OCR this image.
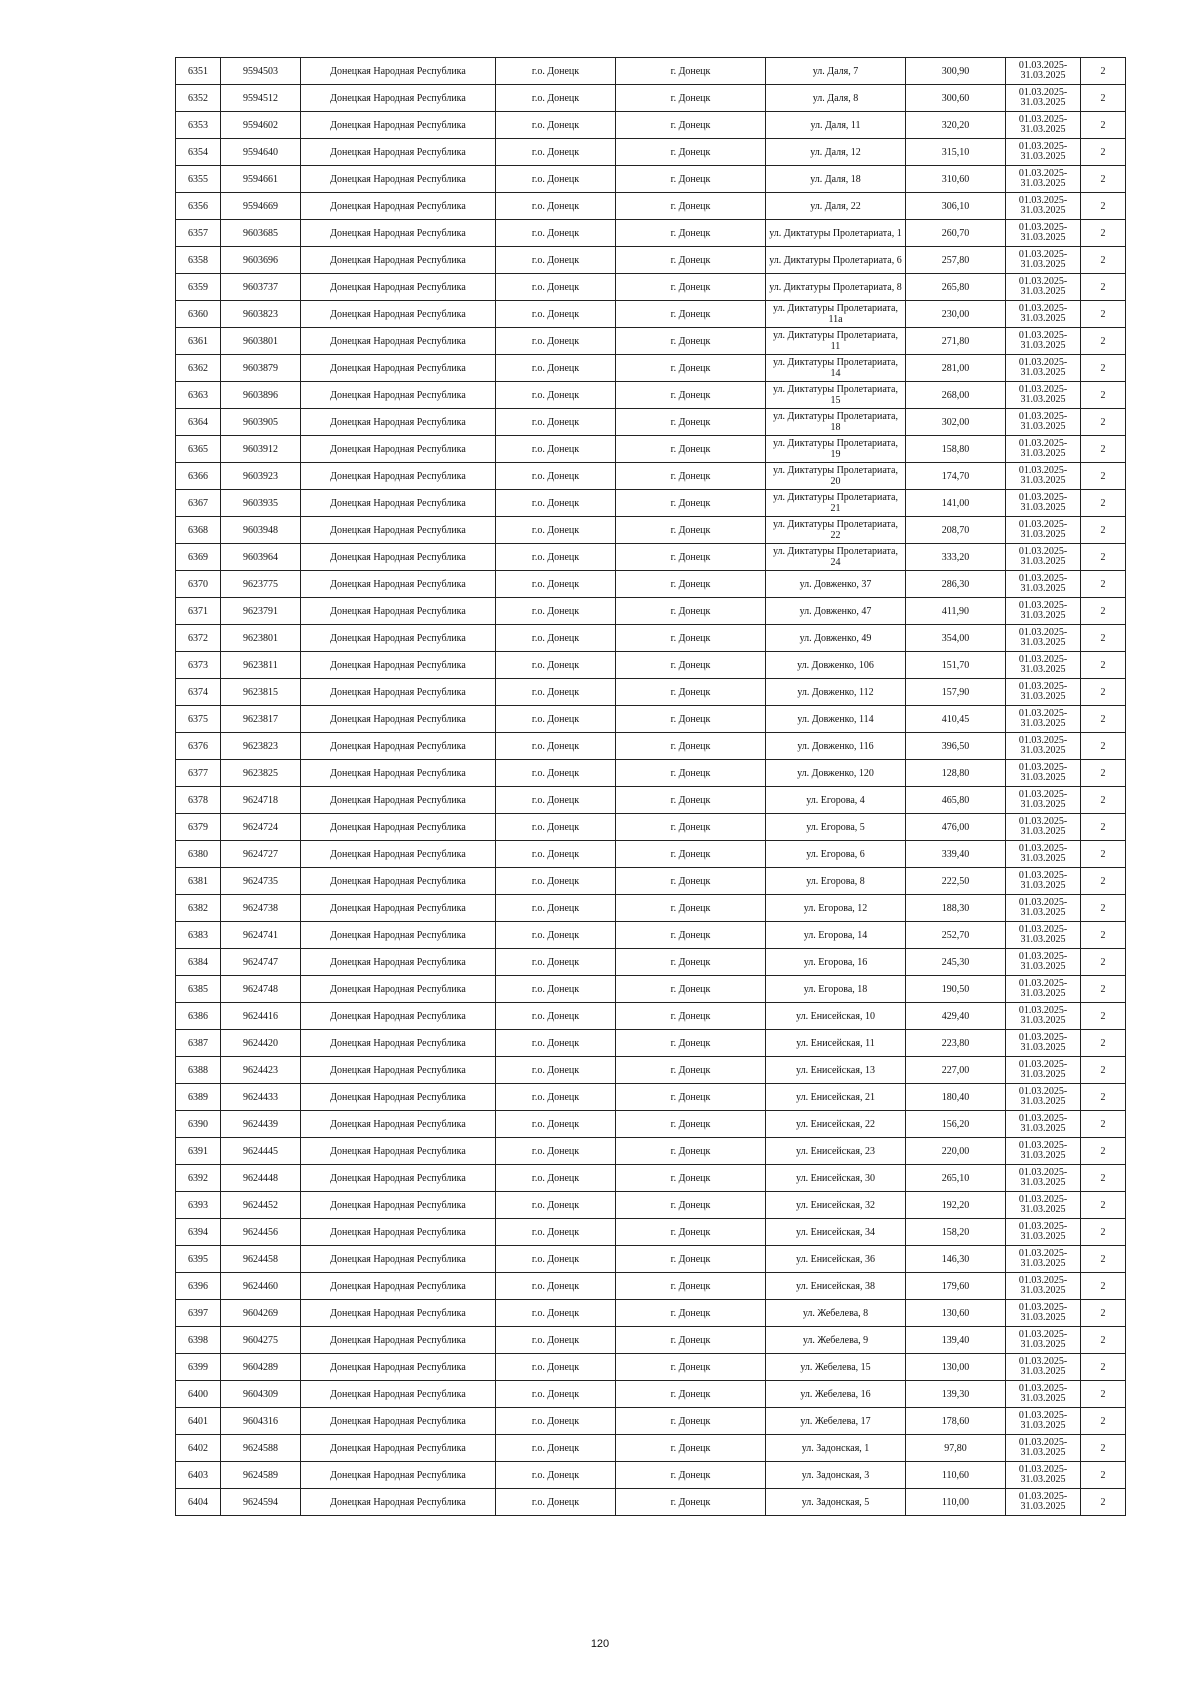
6351	9594503	Донецкая Народная Республика	г.о. Донецк	г. Донецк	ул. Даля, 7	300,90	01.03.2025-31.03.2025	2
6352	9594512	Донецкая Народная Республика	г.о. Донецк	г. Донецк	ул. Даля, 8	300,60	01.03.2025-31.03.2025	2
6353	9594602	Донецкая Народная Республика	г.о. Донецк	г. Донецк	ул. Даля, 11	320,20	01.03.2025-31.03.2025	2
6354	9594640	Донецкая Народная Республика	г.о. Донецк	г. Донецк	ул. Даля, 12	315,10	01.03.2025-31.03.2025	2
6355	9594661	Донецкая Народная Республика	г.о. Донецк	г. Донецк	ул. Даля, 18	310,60	01.03.2025-31.03.2025	2
6356	9594669	Донецкая Народная Республика	г.о. Донецк	г. Донецк	ул. Даля, 22	306,10	01.03.2025-31.03.2025	2
6357	9603685	Донецкая Народная Республика	г.о. Донецк	г. Донецк	ул. Диктатуры Пролетариата, 1	260,70	01.03.2025-31.03.2025	2
6358	9603696	Донецкая Народная Республика	г.о. Донецк	г. Донецк	ул. Диктатуры Пролетариата, 6	257,80	01.03.2025-31.03.2025	2
6359	9603737	Донецкая Народная Республика	г.о. Донецк	г. Донецк	ул. Диктатуры Пролетариата, 8	265,80	01.03.2025-31.03.2025	2
6360	9603823	Донецкая Народная Республика	г.о. Донецк	г. Донецк	ул. Диктатуры Пролетариата, 11а	230,00	01.03.2025-31.03.2025	2
6361	9603801	Донецкая Народная Республика	г.о. Донецк	г. Донецк	ул. Диктатуры Пролетариата, 11	271,80	01.03.2025-31.03.2025	2
6362	9603879	Донецкая Народная Республика	г.о. Донецк	г. Донецк	ул. Диктатуры Пролетариата, 14	281,00	01.03.2025-31.03.2025	2
6363	9603896	Донецкая Народная Республика	г.о. Донецк	г. Донецк	ул. Диктатуры Пролетариата, 15	268,00	01.03.2025-31.03.2025	2
6364	9603905	Донецкая Народная Республика	г.о. Донецк	г. Донецк	ул. Диктатуры Пролетариата, 18	302,00	01.03.2025-31.03.2025	2
6365	9603912	Донецкая Народная Республика	г.о. Донецк	г. Донецк	ул. Диктатуры Пролетариата, 19	158,80	01.03.2025-31.03.2025	2
6366	9603923	Донецкая Народная Республика	г.о. Донецк	г. Донецк	ул. Диктатуры Пролетариата, 20	174,70	01.03.2025-31.03.2025	2
6367	9603935	Донецкая Народная Республика	г.о. Донецк	г. Донецк	ул. Диктатуры Пролетариата, 21	141,00	01.03.2025-31.03.2025	2
6368	9603948	Донецкая Народная Республика	г.о. Донецк	г. Донецк	ул. Диктатуры Пролетариата, 22	208,70	01.03.2025-31.03.2025	2
6369	9603964	Донецкая Народная Республика	г.о. Донецк	г. Донецк	ул. Диктатуры Пролетариата, 24	333,20	01.03.2025-31.03.2025	2
6370	9623775	Донецкая Народная Республика	г.о. Донецк	г. Донецк	ул. Довженко, 37	286,30	01.03.2025-31.03.2025	2
6371	9623791	Донецкая Народная Республика	г.о. Донецк	г. Донецк	ул. Довженко, 47	411,90	01.03.2025-31.03.2025	2
6372	9623801	Донецкая Народная Республика	г.о. Донецк	г. Донецк	ул. Довженко, 49	354,00	01.03.2025-31.03.2025	2
6373	9623811	Донецкая Народная Республика	г.о. Донецк	г. Донецк	ул. Довженко, 106	151,70	01.03.2025-31.03.2025	2
6374	9623815	Донецкая Народная Республика	г.о. Донецк	г. Донецк	ул. Довженко, 112	157,90	01.03.2025-31.03.2025	2
6375	9623817	Донецкая Народная Республика	г.о. Донецк	г. Донецк	ул. Довженко, 114	410,45	01.03.2025-31.03.2025	2
6376	9623823	Донецкая Народная Республика	г.о. Донецк	г. Донецк	ул. Довженко, 116	396,50	01.03.2025-31.03.2025	2
6377	9623825	Донецкая Народная Республика	г.о. Донецк	г. Донецк	ул. Довженко, 120	128,80	01.03.2025-31.03.2025	2
6378	9624718	Донецкая Народная Республика	г.о. Донецк	г. Донецк	ул. Егорова, 4	465,80	01.03.2025-31.03.2025	2
6379	9624724	Донецкая Народная Республика	г.о. Донецк	г. Донецк	ул. Егорова, 5	476,00	01.03.2025-31.03.2025	2
6380	9624727	Донецкая Народная Республика	г.о. Донецк	г. Донецк	ул. Егорова, 6	339,40	01.03.2025-31.03.2025	2
6381	9624735	Донецкая Народная Республика	г.о. Донецк	г. Донецк	ул. Егорова, 8	222,50	01.03.2025-31.03.2025	2
6382	9624738	Донецкая Народная Республика	г.о. Донецк	г. Донецк	ул. Егорова, 12	188,30	01.03.2025-31.03.2025	2
6383	9624741	Донецкая Народная Республика	г.о. Донецк	г. Донецк	ул. Егорова, 14	252,70	01.03.2025-31.03.2025	2
6384	9624747	Донецкая Народная Республика	г.о. Донецк	г. Донецк	ул. Егорова, 16	245,30	01.03.2025-31.03.2025	2
6385	9624748	Донецкая Народная Республика	г.о. Донецк	г. Донецк	ул. Егорова, 18	190,50	01.03.2025-31.03.2025	2
6386	9624416	Донецкая Народная Республика	г.о. Донецк	г. Донецк	ул. Енисейская, 10	429,40	01.03.2025-31.03.2025	2
6387	9624420	Донецкая Народная Республика	г.о. Донецк	г. Донецк	ул. Енисейская, 11	223,80	01.03.2025-31.03.2025	2
6388	9624423	Донецкая Народная Республика	г.о. Донецк	г. Донецк	ул. Енисейская, 13	227,00	01.03.2025-31.03.2025	2
6389	9624433	Донецкая Народная Республика	г.о. Донецк	г. Донецк	ул. Енисейская, 21	180,40	01.03.2025-31.03.2025	2
6390	9624439	Донецкая Народная Республика	г.о. Донецк	г. Донецк	ул. Енисейская, 22	156,20	01.03.2025-31.03.2025	2
6391	9624445	Донецкая Народная Республика	г.о. Донецк	г. Донецк	ул. Енисейская, 23	220,00	01.03.2025-31.03.2025	2
6392	9624448	Донецкая Народная Республика	г.о. Донецк	г. Донецк	ул. Енисейская, 30	265,10	01.03.2025-31.03.2025	2
6393	9624452	Донецкая Народная Республика	г.о. Донецк	г. Донецк	ул. Енисейская, 32	192,20	01.03.2025-31.03.2025	2
6394	9624456	Донецкая Народная Республика	г.о. Донецк	г. Донецк	ул. Енисейская, 34	158,20	01.03.2025-31.03.2025	2
6395	9624458	Донецкая Народная Республика	г.о. Донецк	г. Донецк	ул. Енисейская, 36	146,30	01.03.2025-31.03.2025	2
6396	9624460	Донецкая Народная Республика	г.о. Донецк	г. Донецк	ул. Енисейская, 38	179,60	01.03.2025-31.03.2025	2
6397	9604269	Донецкая Народная Республика	г.о. Донецк	г. Донецк	ул. Жебелева, 8	130,60	01.03.2025-31.03.2025	2
6398	9604275	Донецкая Народная Республика	г.о. Донецк	г. Донецк	ул. Жебелева, 9	139,40	01.03.2025-31.03.2025	2
6399	9604289	Донецкая Народная Республика	г.о. Донецк	г. Донецк	ул. Жебелева, 15	130,00	01.03.2025-31.03.2025	2
6400	9604309	Донецкая Народная Республика	г.о. Донецк	г. Донецк	ул. Жебелева, 16	139,30	01.03.2025-31.03.2025	2
6401	9604316	Донецкая Народная Республика	г.о. Донецк	г. Донецк	ул. Жебелева, 17	178,60	01.03.2025-31.03.2025	2
6402	9624588	Донецкая Народная Республика	г.о. Донецк	г. Донецк	ул. Задонская, 1	97,80	01.03.2025-31.03.2025	2
6403	9624589	Донецкая Народная Республика	г.о. Донецк	г. Донецк	ул. Задонская, 3	110,60	01.03.2025-31.03.2025	2
6404	9624594	Донецкая Народная Республика	г.о. Донецк	г. Донецк	ул. Задонская, 5	110,00	01.03.2025-31.03.2025	2
120
